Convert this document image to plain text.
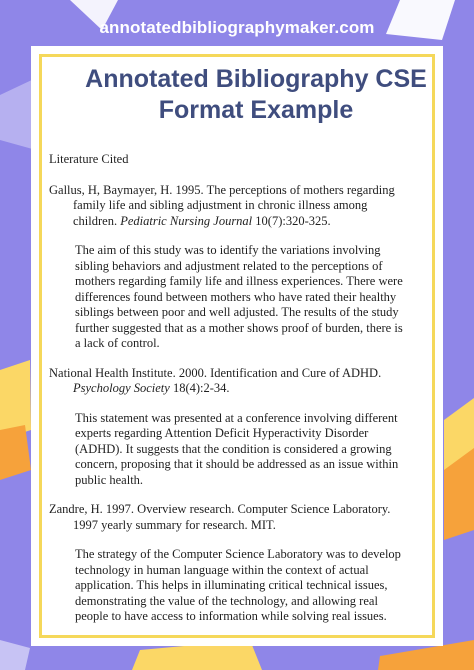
annotatedbibliographymaker.com
Annotated Bibliography CSE
Format Example

Literature Cited

Gallus, H, Baymayer, H. 1995. The perceptions of mothers regarding family life and sibling adjustment in chronic illness among children. Pediatric Nursing Journal 10(7):320-325.

The aim of this study was to identify the variations involving sibling behaviors and adjustment related to the perceptions of mothers regarding family life and illness experiences. There were differences found between mothers who have rated their healthy siblings between poor and well adjusted. The results of the study further suggested that as a mother shows proof of burden, there is a lack of control.

National Health Institute. 2000. Identification and Cure of ADHD. Psychology Society 18(4):2-34.

This statement was presented at a conference involving different experts regarding Attention Deficit Hyperactivity Disorder (ADHD). It suggests that the condition is considered a growing concern, proposing that it should be addressed as an issue within public health.

Zandre, H. 1997. Overview research. Computer Science Laboratory. 1997 yearly summary for research. MIT.

The strategy of the Computer Science Laboratory was to develop technology in human language within the context of actual application. This helps in illuminating critical technical issues, demonstrating the value of the technology, and allowing real people to have access to information while solving real issues.
